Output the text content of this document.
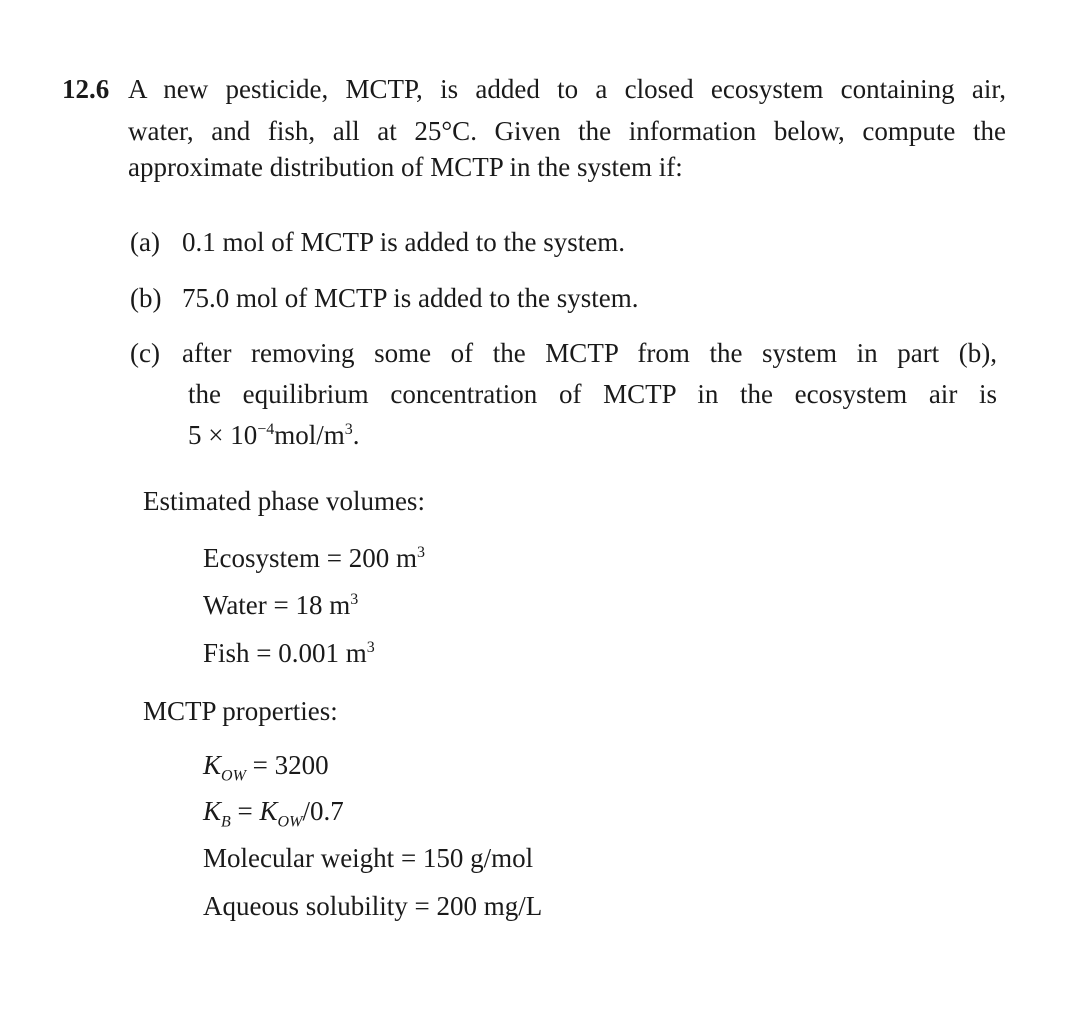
12.6 A new pesticide, MCTP, is added to a closed ecosystem containing air,
water, and fish, all at 25°C. Given the information below, compute the
approximate distribution of MCTP in the system if:
(a) 0.1 mol of MCTP is added to the system.
(b) 75.0 mol of MCTP is added to the system.
(c) after removing some of the MCTP from the system in part (b),
the equilibrium concentration of MCTP in the ecosystem air is
$5 \times 10^{-4}mol/m^3$.
Estimated phase volumes:
Ecosystem = 200 $m^3$
Water = 18 $m^3$
Fish = 0.001 $m^3$
MCTP properties:
$K_{OW} = 3200$
$K_B = K_{OW}/0.7$
Molecular weight = 150 g/mol
Aqueous solubility = 200 mg/L
